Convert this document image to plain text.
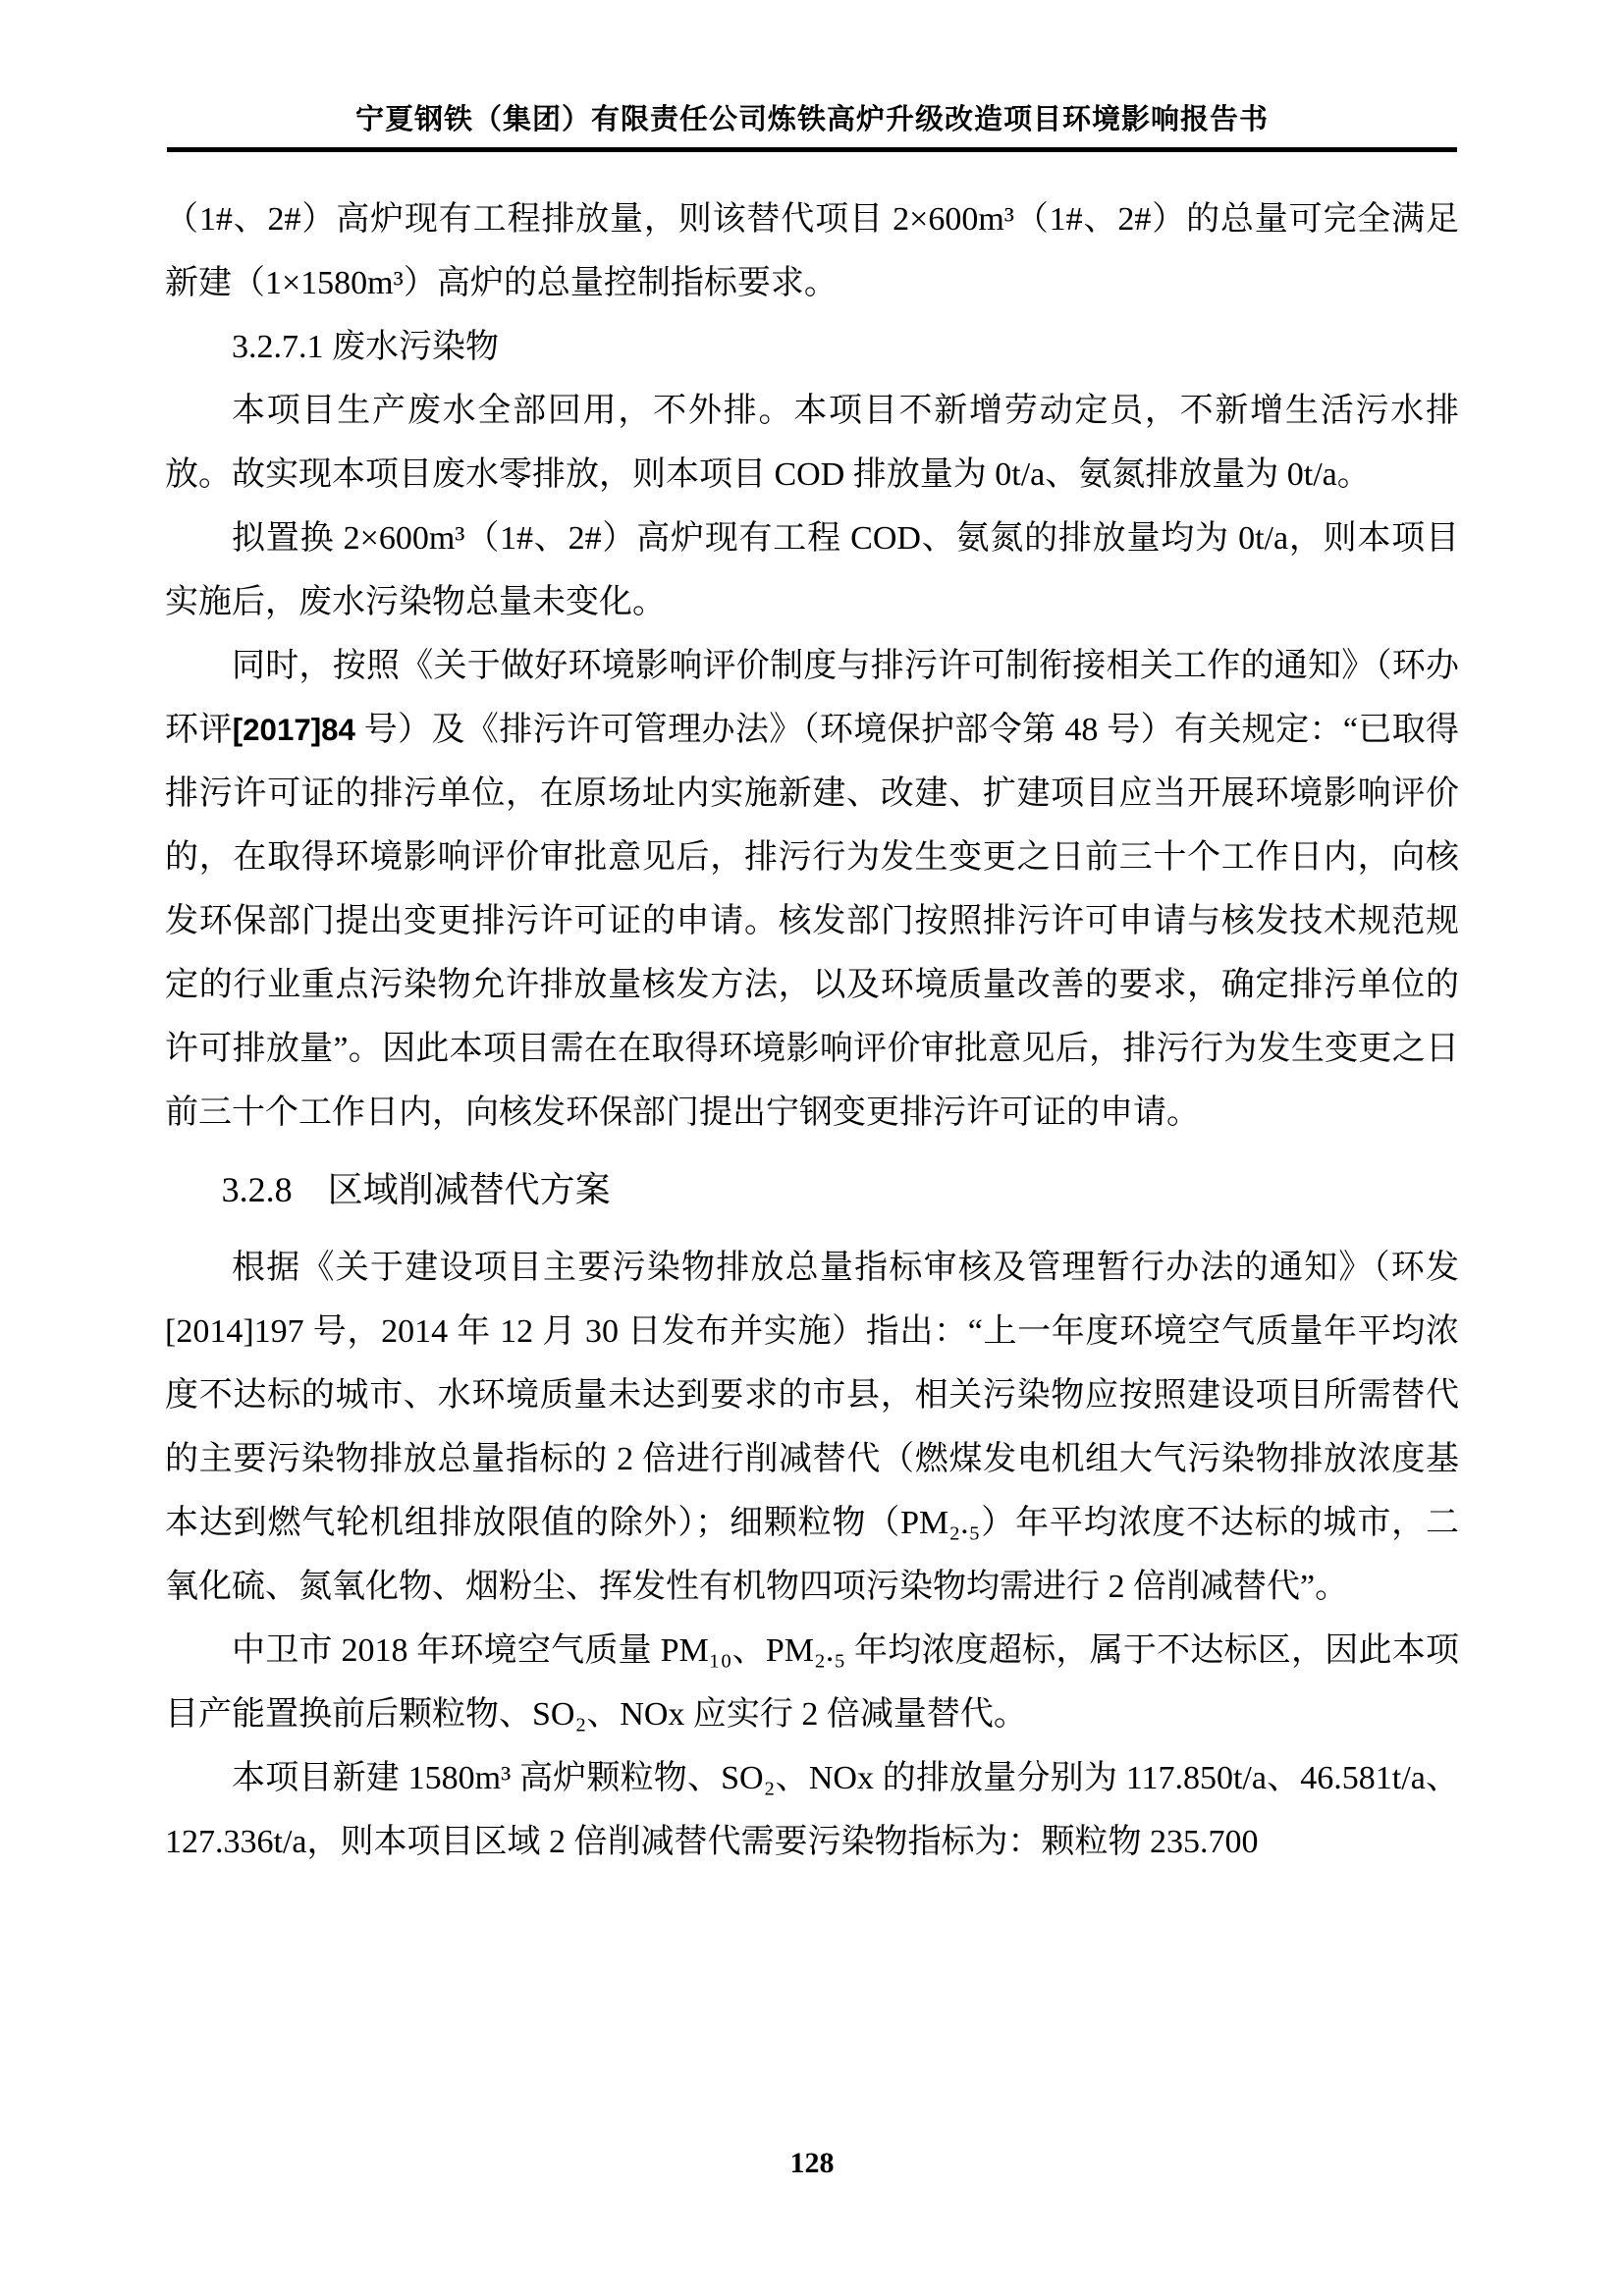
宁夏钢铁（集团）有限责任公司炼铁高炉升级改造项目环境影响报告书

（1#、2#）高炉现有工程排放量，则该替代项目 2×600m³（1#、2#）的总量可完全满足新建（1×1580m³）高炉的总量控制指标要求。

3.2.7.1 废水污染物

本项目生产废水全部回用，不外排。本项目不新增劳动定员，不新增生活污水排放。故实现本项目废水零排放，则本项目 COD 排放量为 0t/a、氨氮排放量为 0t/a。

拟置换 2×600m³（1#、2#）高炉现有工程 COD、氨氮的排放量均为 0t/a，则本项目实施后，废水污染物总量未变化。

同时，按照《关于做好环境影响评价制度与排污许可制衔接相关工作的通知》（环办环评[2017]84 号）及《排污许可管理办法》（环境保护部令第 48 号）有关规定：“已取得排污许可证的排污单位，在原场址内实施新建、改建、扩建项目应当开展环境影响评价的，在取得环境影响评价审批意见后，排污行为发生变更之日前三十个工作日内，向核发环保部门提出变更排污许可证的申请。核发部门按照排污许可申请与核发技术规范规定的行业重点污染物允许排放量核发方法，以及环境质量改善的要求，确定排污单位的许可排放量”。因此本项目需在在取得环境影响评价审批意见后，排污行为发生变更之日前三十个工作日内，向核发环保部门提出宁钢变更排污许可证的申请。

3.2.8　区域削减替代方案

根据《关于建设项目主要污染物排放总量指标审核及管理暂行办法的通知》（环发[2014]197 号，2014 年 12 月 30 日发布并实施）指出：“上一年度环境空气质量年平均浓度不达标的城市、水环境质量未达到要求的市县，相关污染物应按照建设项目所需替代的主要污染物排放总量指标的 2 倍进行削减替代（燃煤发电机组大气污染物排放浓度基本达到燃气轮机组排放限值的除外）；细颗粒物（PM₂.₅）年平均浓度不达标的城市，二氧化硫、氮氧化物、烟粉尘、挥发性有机物四项污染物均需进行 2 倍削减替代”。

中卫市 2018 年环境空气质量 PM₁₀、PM₂.₅ 年均浓度超标，属于不达标区，因此本项目产能置换前后颗粒物、SO₂、NOx 应实行 2 倍减量替代。

本项目新建 1580m³ 高炉颗粒物、SO₂、NOx 的排放量分别为 117.850t/a、46.581t/a、127.336t/a，则本项目区域 2 倍削减替代需要污染物指标为：颗粒物 235.700

128
